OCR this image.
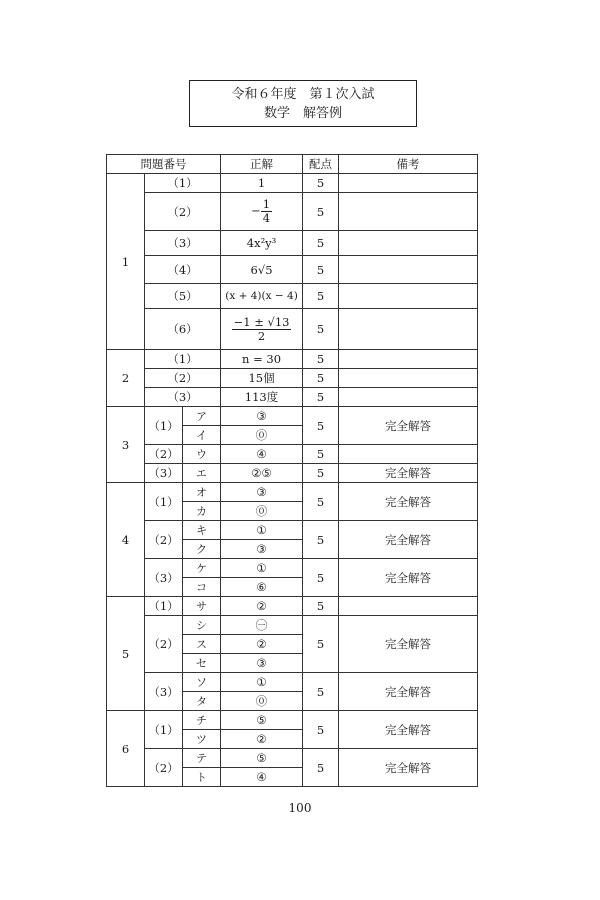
令和６年度　第１次入試
数学　解答例
問題番号			正解	配点	備考
1	（1）		1	5	
	（2）		− $\frac{1}{4}$	5	
	（3）		4x²y³	5	
	（4）		6√5	5	
	（5）		(x + 4)(x − 4)	5	
	（6）		$\frac{-1 \pm √13}{2}$	5	
2	（1）		n = 30	5	
	（2）		15個	5	
	（3）		113度	5	
3	（1）	ア	③	5	完全解答
		イ	⓪		
	（2）	ウ	④	5	
	（3）	エ	②⑤	5	完全解答
4	（1）	オ	③	5	完全解答
		カ	⓪		
	（2）	キ	①	5	完全解答
		ク	③		
	（3）	ケ	①	5	完全解答
		コ	⑥		
5	（1）	サ	②	5	
	（2）	シ	㊀	5	完全解答
		ス	②		
		セ	③		
	（3）	ソ	①	5	完全解答
		タ	⓪		
6	（1）	チ	⑤	5	完全解答
		ツ	②		
	（2）	テ	⑤	5	完全解答
		ト	④		
100
